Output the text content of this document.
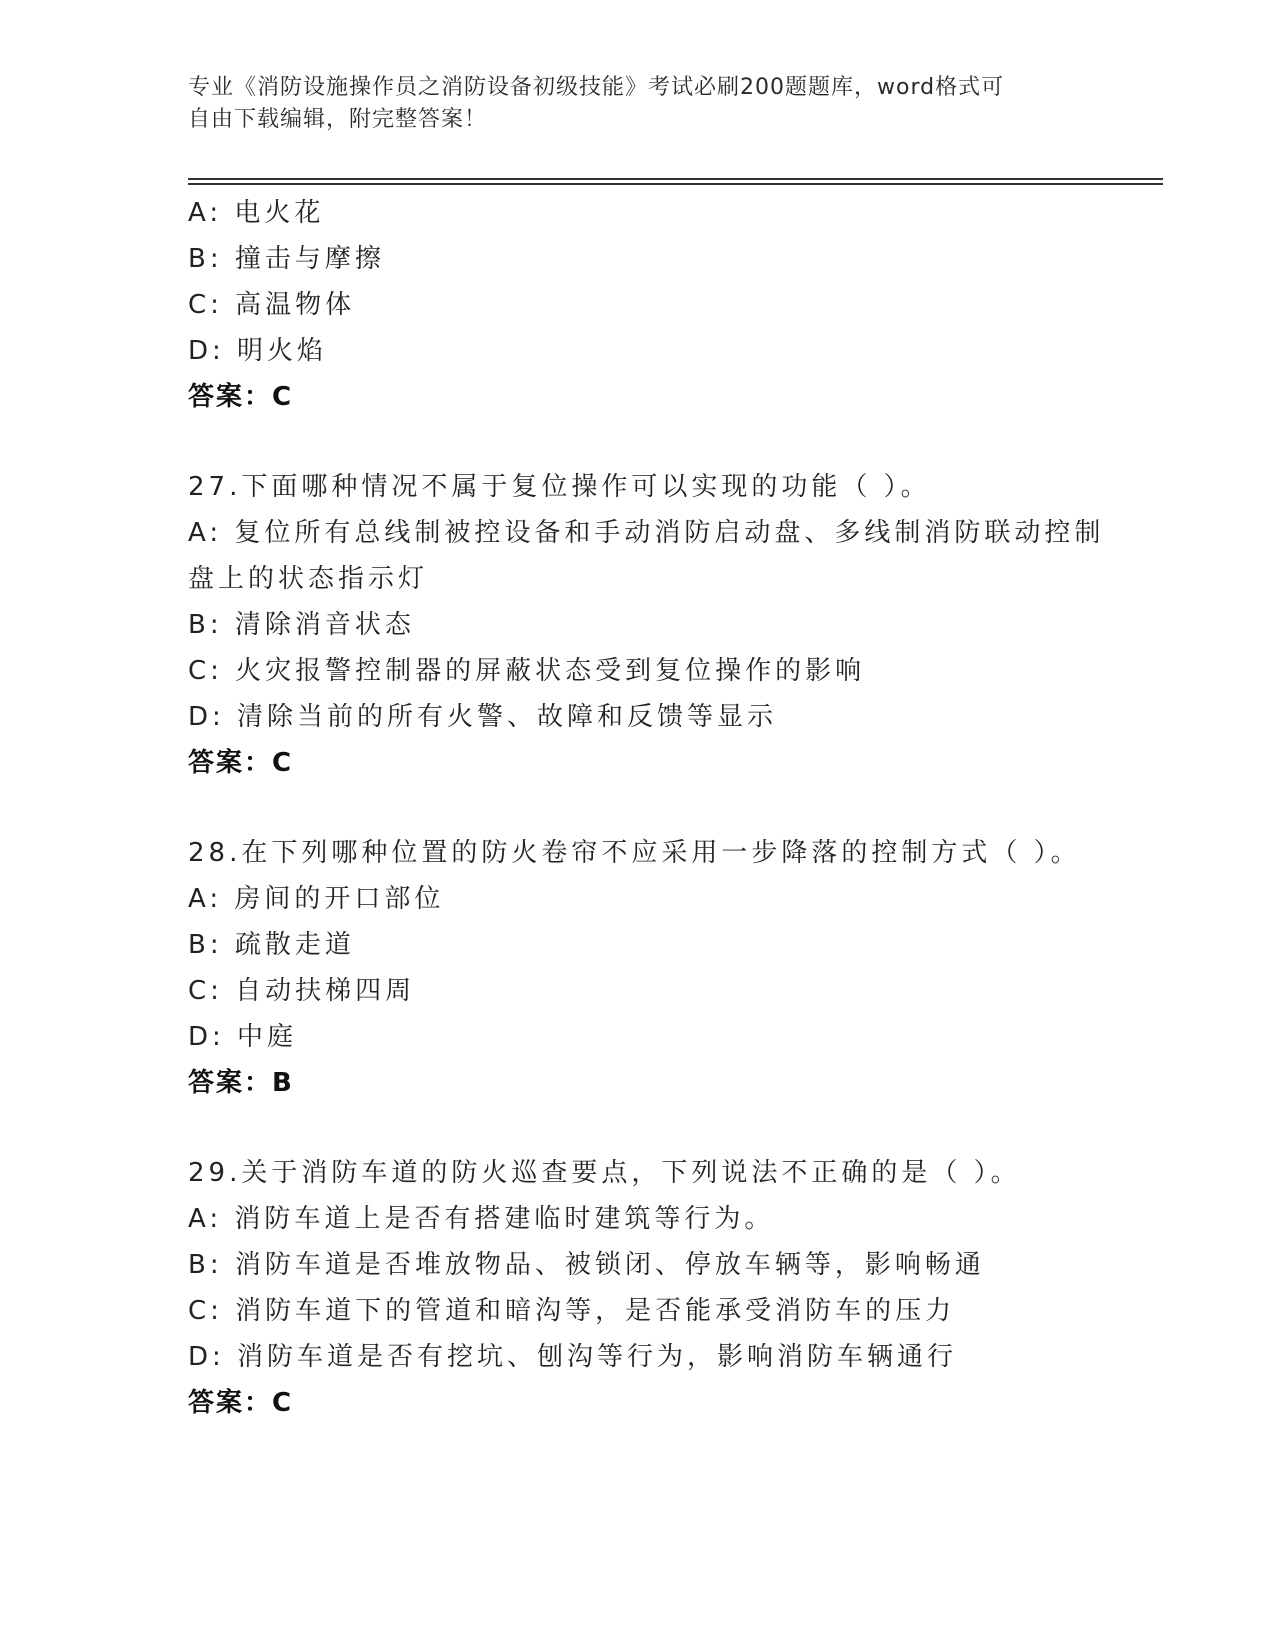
专业《消防设施操作员之消防设备初级技能》考试必刷200题题库，word格式可
自由下载编辑，附完整答案！
A: 电火花
B: 撞击与摩擦
C: 高温物体
D: 明火焰
答案：C
27.下面哪种情况不属于复位操作可以实现的功能（ ）。
A: 复位所有总线制被控设备和手动消防启动盘、多线制消防联动控制
盘上的状态指示灯
B: 清除消音状态
C: 火灾报警控制器的屏蔽状态受到复位操作的影响
D: 清除当前的所有火警、故障和反馈等显示
答案：C
28.在下列哪种位置的防火卷帘不应采用一步降落的控制方式（ ）。
A: 房间的开口部位
B: 疏散走道
C: 自动扶梯四周
D: 中庭
答案：B
29.关于消防车道的防火巡查要点，下列说法不正确的是（ ）。
A: 消防车道上是否有搭建临时建筑等行为。
B: 消防车道是否堆放物品、被锁闭、停放车辆等，影响畅通
C: 消防车道下的管道和暗沟等，是否能承受消防车的压力
D: 消防车道是否有挖坑、刨沟等行为，影响消防车辆通行
答案：C
